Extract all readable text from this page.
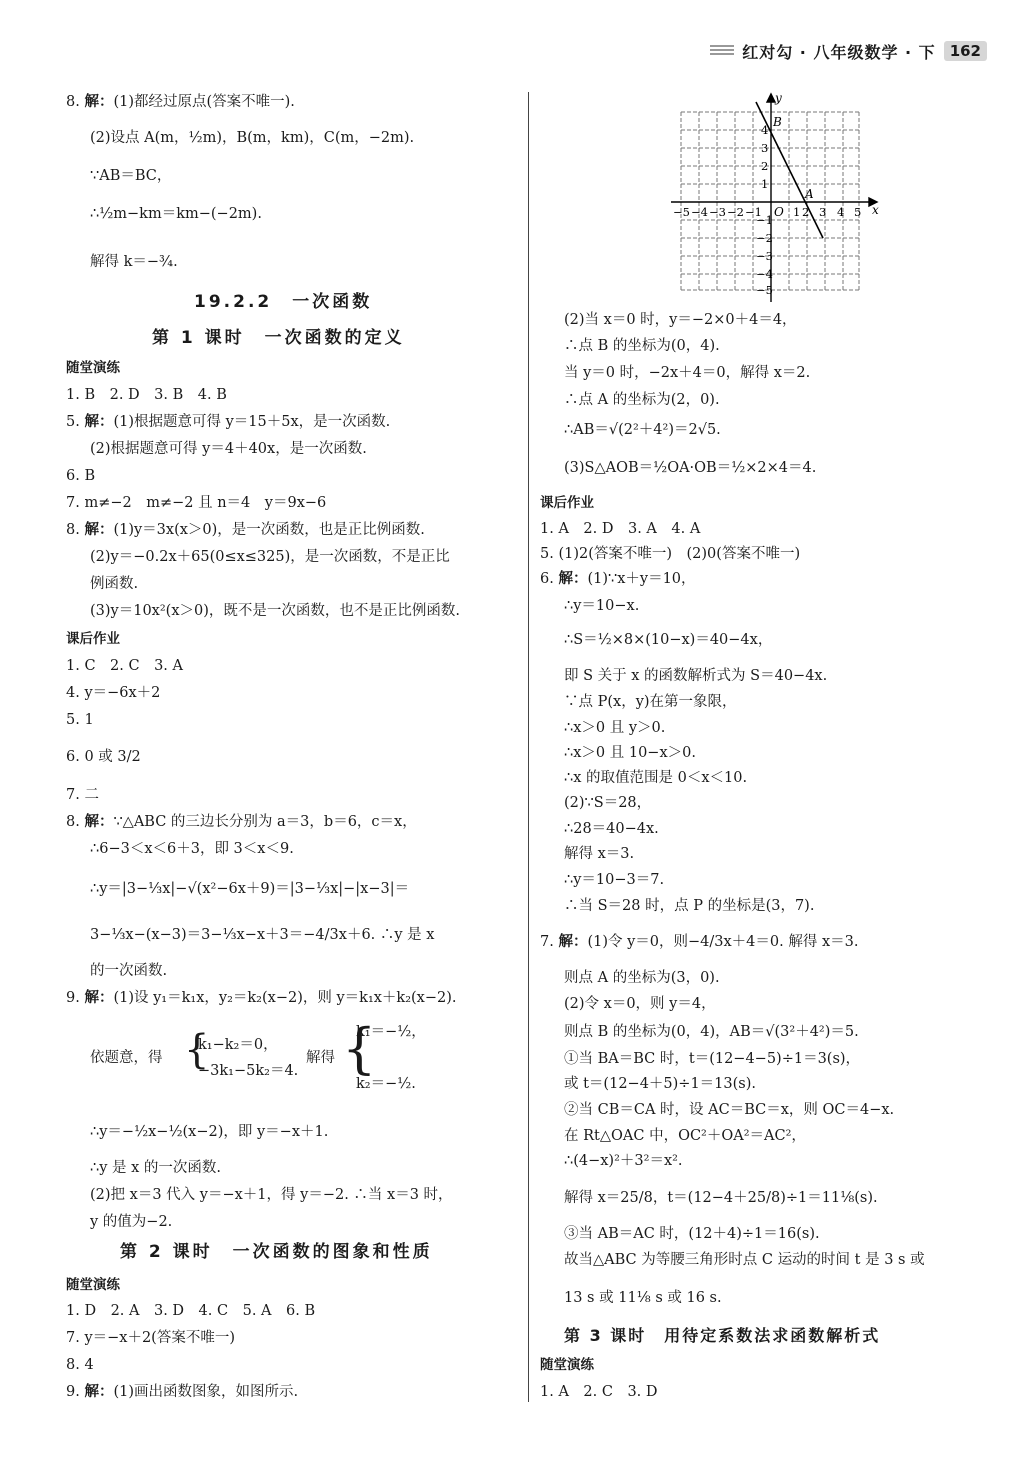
红对勾 · 八年级数学 · 下 162
8. 解：(1)都经过原点(答案不唯一).
(2)设点 A(m，½m)，B(m，km)，C(m，−2m).
∵AB＝BC，
∴½m−km＝km−(−2m).
解得 k＝−¾.
19.2.2　一次函数
第 1 课时　一次函数的定义
随堂演练
1. B　2. D　3. B　4. B
5. 解：(1)根据题意可得 y＝15＋5x，是一次函数.
(2)根据题意可得 y＝4＋40x，是一次函数.
6. B
7. m≠−2　m≠−2 且 n＝4　y＝9x−6
8. 解：(1)y＝3x(x＞0)，是一次函数，也是正比例函数.
(2)y＝−0.2x＋65(0≤x≤325)，是一次函数，不是正比
例函数.
(3)y＝10x²(x＞0)，既不是一次函数，也不是正比例函数.
课后作业
1. C　2. C　3. A
4. y＝−6x＋2
5. 1
6. 0 或 3/2
7. 二
8. 解：∵△ABC 的三边长分别为 a＝3，b＝6，c＝x，
∴6−3＜x＜6＋3，即 3＜x＜9.
∴y＝|3−⅓x|−√(x²−6x＋9)＝|3−⅓x|−|x−3|＝
3−⅓x−(x−3)＝3−⅓x−x＋3＝−4/3x＋6. ∴y 是 x
的一次函数.
9. 解：(1)设 y₁＝k₁x，y₂＝k₂(x−2)，则 y＝k₁x＋k₂(x−2).
依题意，得 {
k₁−k₂＝0，
−3k₁−5k₂＝4.
解得 {
k₁＝−½，
k₂＝−½.
∴y＝−½x−½(x−2)，即 y＝−x＋1.
∴y 是 x 的一次函数.
(2)把 x＝3 代入 y＝−x＋1，得 y＝−2. ∴当 x＝3 时，
y 的值为−2.
第 2 课时　一次函数的图象和性质
随堂演练
1. D　2. A　3. D　4. C　5. A　6. B
7. y＝−x＋2(答案不唯一)
8. 4
9. 解：(1)画出函数图象，如图所示.
−5 −4 −3 −2 −1	1 2 3 4 5
4
3
2
1
−1
−2
−3
−4
−5
y
x
O
A
B
(2)当 x＝0 时，y＝−2×0＋4＝4，
∴点 B 的坐标为(0，4).
当 y＝0 时，−2x＋4＝0，解得 x＝2.
∴点 A 的坐标为(2，0).
∴AB＝√(2²＋4²)＝2√5.
(3)S△AOB＝½OA·OB＝½×2×4＝4.
课后作业
1. A　2. D　3. A　4. A
5. (1)2(答案不唯一)　(2)0(答案不唯一)
6. 解：(1)∵x＋y＝10，
∴y＝10−x.
∴S＝½×8×(10−x)＝40−4x，
即 S 关于 x 的函数解析式为 S＝40−4x.
∵点 P(x，y)在第一象限，
∴x＞0 且 y＞0.
∴x＞0 且 10−x＞0.
∴x 的取值范围是 0＜x＜10.
(2)∵S＝28，
∴28＝40−4x.
解得 x＝3.
∴y＝10−3＝7.
∴当 S＝28 时，点 P 的坐标是(3，7).
7. 解：(1)令 y＝0，则−4/3x＋4＝0. 解得 x＝3.
则点 A 的坐标为(3，0).
(2)令 x＝0，则 y＝4，
则点 B 的坐标为(0，4)，AB＝√(3²＋4²)＝5.
①当 BA＝BC 时，t＝(12−4−5)÷1＝3(s)，
或 t＝(12−4＋5)÷1＝13(s).
②当 CB＝CA 时，设 AC＝BC＝x，则 OC＝4−x.
在 Rt△OAC 中，OC²＋OA²＝AC²，
∴(4−x)²＋3²＝x².
解得 x＝25/8，t＝(12−4＋25/8)÷1＝11⅛(s).
③当 AB＝AC 时，(12＋4)÷1＝16(s).
故当△ABC 为等腰三角形时点 C 运动的时间 t 是 3 s 或
13 s 或 11⅛ s 或 16 s.
第 3 课时　用待定系数法求函数解析式
随堂演练
1. A　2. C　3. D
